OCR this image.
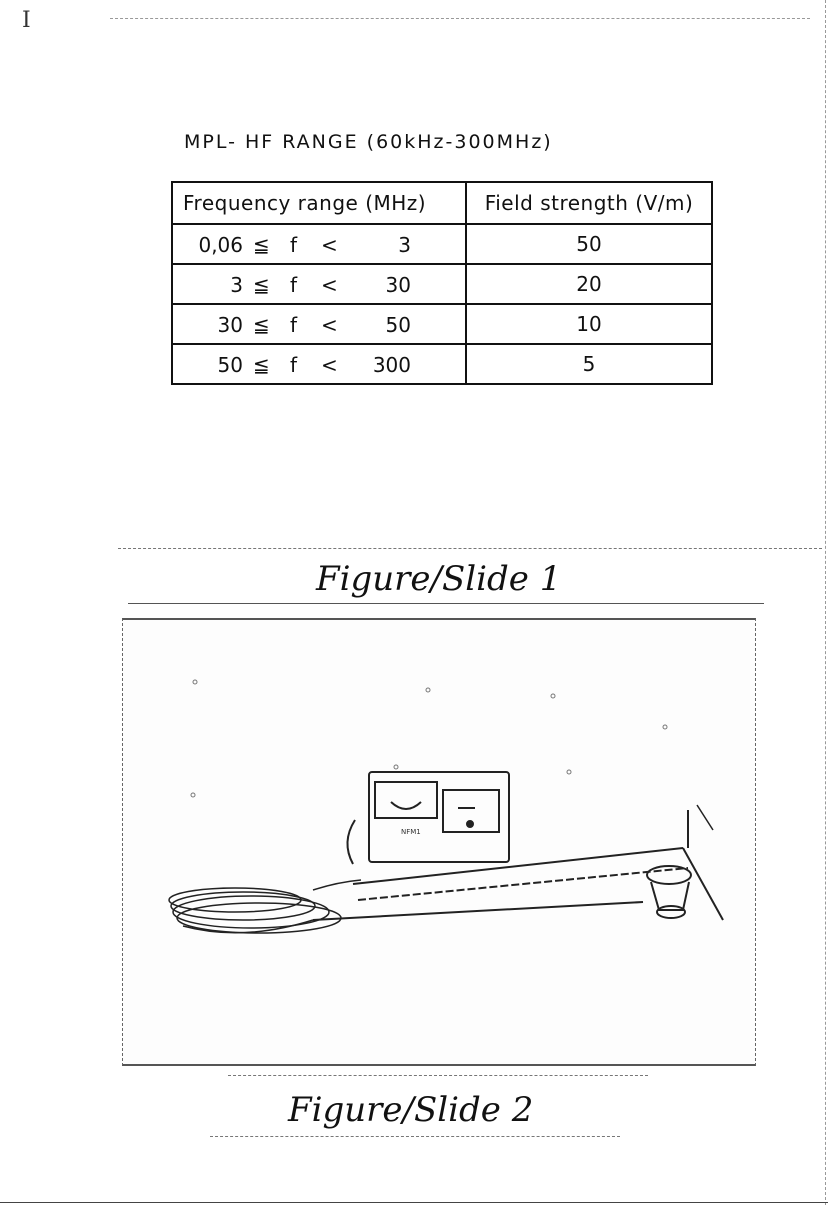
I
MPL- HF RANGE (60kHz-300MHz)
Frequency range (MHz)	Field strength (V/m)

0,06 ≦ f < 3	50

3 ≦ f < 30	20

30 ≦ f < 50	10

50 ≦ f < 300	5
Figure/Slide 1
NFM1
Figure/Slide 2
